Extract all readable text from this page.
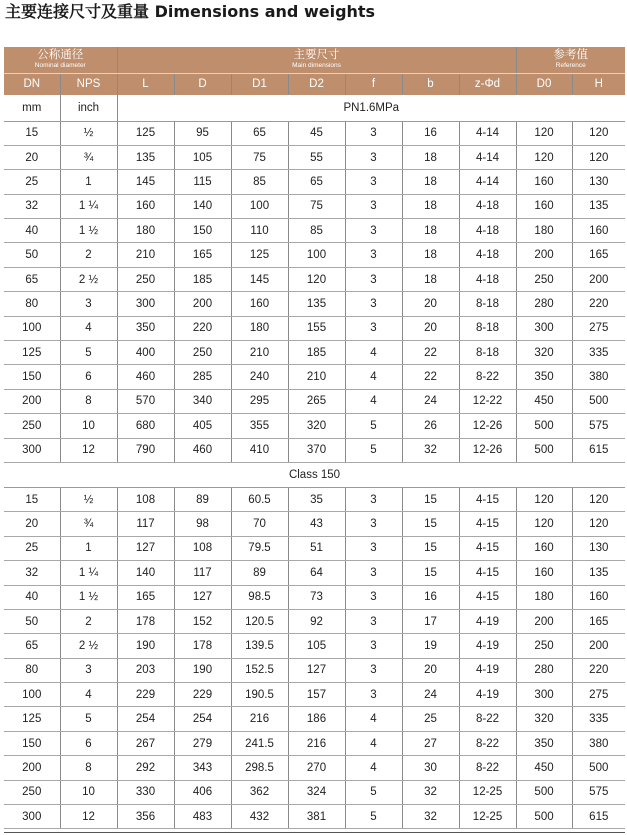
主要连接尺寸及重量 Dimensions and weights
公称通径
Nominal diameter		主要尺寸
Main dimensions							参考值
Reference	

DN	NPS	L	D	D1	D2	f	b	z-Φd	D0	H
mm	inch	PN1.6MPa								
15	½	125	95	65	45	3	16	4-14	120	120
20	¾	135	105	75	55	3	18	4-14	120	120
25	1	145	115	85	65	3	18	4-14	160	130
32	1 ¼	160	140	100	75	3	18	4-18	160	135
40	1 ½	180	150	110	85	3	18	4-18	180	160
50	2	210	165	125	100	3	18	4-18	200	165
65	2 ½	250	185	145	120	3	18	4-18	250	200
80	3	300	200	160	135	3	20	8-18	280	220
100	4	350	220	180	155	3	20	8-18	300	275
125	5	400	250	210	185	4	22	8-18	320	335
150	6	460	285	240	210	4	22	8-22	350	380
200	8	570	340	295	265	4	24	12-22	450	500
250	10	680	405	355	320	5	26	12-26	500	575
300	12	790	460	410	370	5	32	12-26	500	615
Class 150										
15	½	108	89	60.5	35	3	15	4-15	120	120
20	¾	117	98	70	43	3	15	4-15	120	120
25	1	127	108	79.5	51	3	15	4-15	160	130
32	1 ¼	140	117	89	64	3	15	4-15	160	135
40	1 ½	165	127	98.5	73	3	16	4-15	180	160
50	2	178	152	120.5	92	3	17	4-19	200	165
65	2 ½	190	178	139.5	105	3	19	4-19	250	200
80	3	203	190	152.5	127	3	20	4-19	280	220
100	4	229	229	190.5	157	3	24	4-19	300	275
125	5	254	254	216	186	4	25	8-22	320	335
150	6	267	279	241.5	216	4	27	8-22	350	380
200	8	292	343	298.5	270	4	30	8-22	450	500
250	10	330	406	362	324	5	32	12-25	500	575
300	12	356	483	432	381	5	32	12-25	500	615
